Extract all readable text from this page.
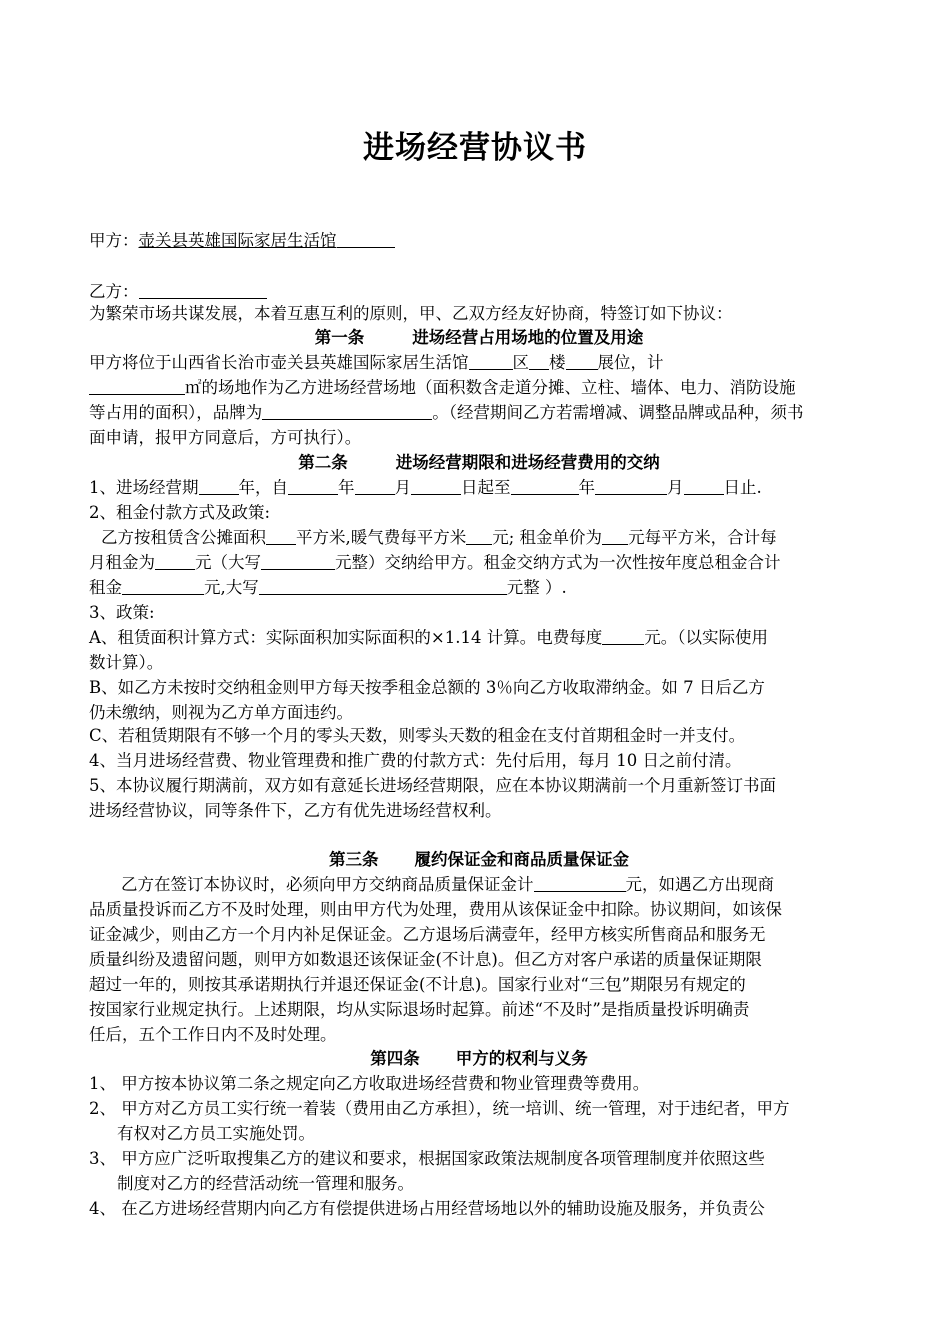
进场经营协议书
甲方：壶关县英雄国际家居生活馆
乙方：
为繁荣市场共谋发展，本着互惠互利的原则，甲、乙双方经友好协商，特签订如下协议：
第一条	进场经营占用场地的位置及用途
甲方将位于山西省长治市壶关县英雄国际家居生活馆	区 楼 展位，计
㎡的场地作为乙方进场经营场地（面积数含走道分摊、立柱、墙体、电力、消防设施
等占用的面积），品牌为	。（经营期间乙方若需增减、调整品牌或品种，须书
面申请，报甲方同意后，方可执行）。
第二条	进场经营期限和进场经营费用的交纳
1、进场经营期 年，自	年 月	日起至	年	月 日止.
2、租金付款方式及政策:
乙方按租赁含公摊面积 平方米,暖气费每平方米 元; 租金单价为 元每平方米，合计每
月租金为 元（大写	元整）交纳给甲方。租金交纳方式为一次性按年度总租金合计
租金	元,大写	元整 ）.
3、政策:
A、租赁面积计算方式：实际面积加实际面积的×1.14 计算。电费每度	元。（以实际使用
数计算）。
B、如乙方未按时交纳租金则甲方每天按季租金总额的 3％向乙方收取滞纳金。如 7 日后乙方
仍未缴纳，则视为乙方单方面违约。
C、若租赁期限有不够一个月的零头天数，则零头天数的租金在支付首期租金时一并支付。
4、当月进场经营费、物业管理费和推广费的付款方式：先付后用，每月 10 日之前付清。
5、本协议履行期满前，双方如有意延长进场经营期限，应在本协议期满前一个月重新签订书面
进场经营协议，同等条件下，乙方有优先进场经营权利。
第三条 履约保证金和商品质量保证金
乙方在签订本协议时，必须向甲方交纳商品质量保证金计	元，如遇乙方出现商
品质量投诉而乙方不及时处理，则由甲方代为处理，费用从该保证金中扣除。协议期间，如该保
证金减少，则由乙方一个月内补足保证金。乙方退场后满壹年，经甲方核实所售商品和服务无
质量纠纷及遗留问题，则甲方如数退还该保证金(不计息)。但乙方对客户承诺的质量保证期限
超过一年的，则按其承诺期执行并退还保证金(不计息)。国家行业对“三包”期限另有规定的
按国家行业规定执行。上述期限，均从实际退场时起算。前述“不及时”是指质量投诉明确责
任后，五个工作日内不及时处理。
第四条 甲方的权利与义务
1、 甲方按本协议第二条之规定向乙方收取进场经营费和物业管理费等费用。
2、 甲方对乙方员工实行统一着装（费用由乙方承担），统一培训、统一管理，对于违纪者，甲方
有权对乙方员工实施处罚。
3、 甲方应广泛听取搜集乙方的建议和要求，根据国家政策法规制度各项管理制度并依照这些
制度对乙方的经营活动统一管理和服务。
4、 在乙方进场经营期内向乙方有偿提供进场占用经营场地以外的辅助设施及服务，并负责公
